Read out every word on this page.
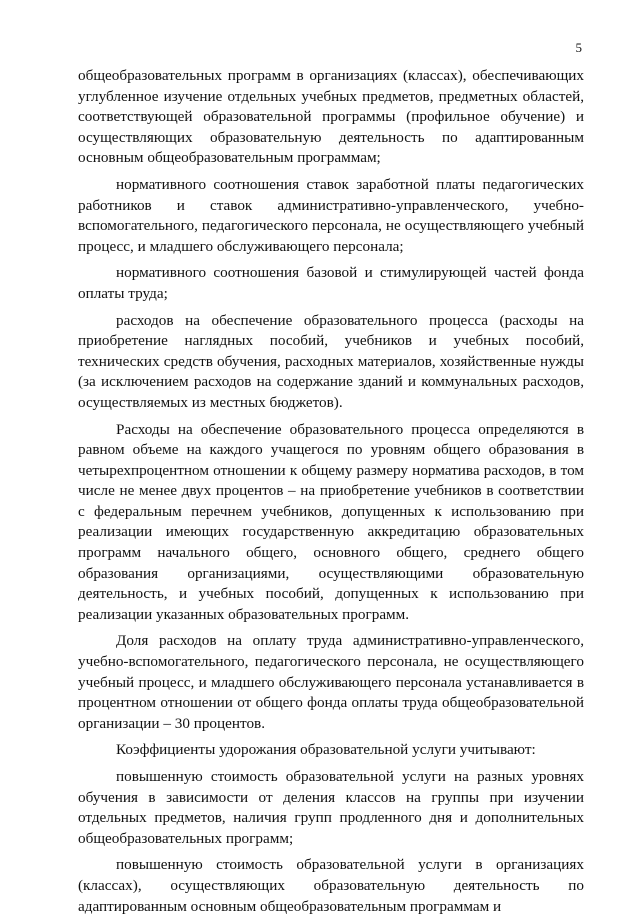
5

общеобразовательных программ в организациях (классах), обеспечивающих углубленное изучение отдельных учебных предметов, предметных областей, соответствующей образовательной программы (профильное обучение) и осуществляющих образовательную деятельность по адаптированным основным общеобразовательным программам;

нормативного соотношения ставок заработной платы педагогических работников и ставок административно-управленческого, учебно-вспомогательного, педагогического персонала, не осуществляющего учебный процесс, и младшего обслуживающего персонала;

нормативного соотношения базовой и стимулирующей частей фонда оплаты труда;

расходов на обеспечение образовательного процесса (расходы на приобретение наглядных пособий, учебников и учебных пособий, технических средств обучения, расходных материалов, хозяйственные нужды (за исключением расходов на содержание зданий и коммунальных расходов, осуществляемых из местных бюджетов).

Расходы на обеспечение образовательного процесса определяются в равном объеме на каждого учащегося по уровням общего образования в четырехпроцентном отношении к общему размеру норматива расходов, в том числе не менее двух процентов – на приобретение учебников в соответствии с федеральным перечнем учебников, допущенных к использованию при реализации имеющих государственную аккредитацию образовательных программ начального общего, основного общего, среднего общего образования организациями, осуществляющими образовательную деятельность, и учебных пособий, допущенных к использованию при реализации указанных образовательных программ.

Доля расходов на оплату труда административно-управленческого, учебно-вспомогательного, педагогического персонала, не осуществляющего учебный процесс, и младшего обслуживающего персонала устанавливается в процентном отношении от общего фонда оплаты труда общеобразовательной организации – 30 процентов.

Коэффициенты удорожания образовательной услуги учитывают:

повышенную стоимость образовательной услуги на разных уровнях обучения в зависимости от деления классов на группы при изучении отдельных предметов, наличия групп продленного дня и дополнительных общеобразовательных программ;

повышенную стоимость образовательной услуги в организациях (классах), осуществляющих образовательную деятельность по адаптированным основным общеобразовательным программам и
